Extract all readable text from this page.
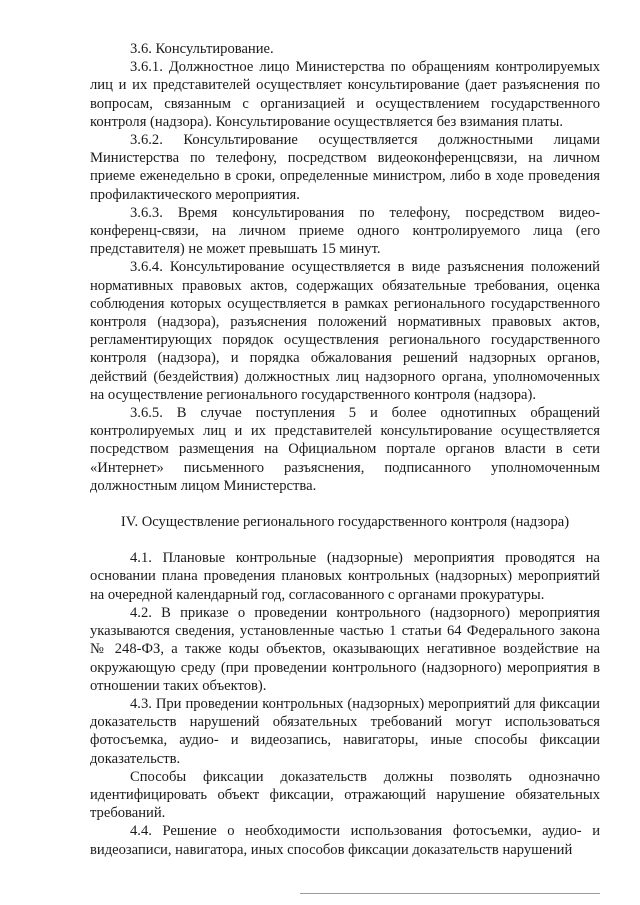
3.6. Консультирование.

3.6.1. Должностное лицо Министерства по обращениям контролируемых лиц и их представителей осуществляет консультирование (дает разъяснения по вопросам, связанным с организацией и осуществлением государственного контроля (надзора). Консультирование осуществляется без взимания платы.

3.6.2. Консультирование осуществляется должностными лицами Министерства по телефону, посредством видеоконференцсвязи, на личном приеме еженедельно в сроки, определенные министром, либо в ходе проведения профилактического мероприятия.

3.6.3. Время консультирования по телефону, посредством видео-конференц-связи, на личном приеме одного контролируемого лица (его представителя) не может превышать 15 минут.

3.6.4. Консультирование осуществляется в виде разъяснения положений нормативных правовых актов, содержащих обязательные требования, оценка соблюдения которых осуществляется в рамках регионального государственного контроля (надзора), разъяснения положений нормативных правовых актов, регламентирующих порядок осуществления регионального государственного контроля (надзора), и порядка обжалования решений надзорных органов, действий (бездействия) должностных лиц надзорного органа, уполномоченных на осуществление регионального государственного контроля (надзора).

3.6.5. В случае поступления 5 и более однотипных обращений контролируемых лиц и их представителей консультирование осуществляется посредством размещения на Официальном портале органов власти в сети «Интернет» письменного разъяснения, подписанного уполномоченным должностным лицом Министерства.

IV. Осуществление регионального государственного контроля (надзора)

4.1. Плановые контрольные (надзорные) мероприятия проводятся на основании плана проведения плановых контрольных (надзорных) мероприятий на очередной календарный год, согласованного с органами прокуратуры.

4.2. В приказе о проведении контрольного (надзорного) мероприятия указываются сведения, установленные частью 1 статьи 64 Федерального закона № 248-ФЗ, а также коды объектов, оказывающих негативное воздействие на окружающую среду (при проведении контрольного (надзорного) мероприятия в отношении таких объектов).

4.3. При проведении контрольных (надзорных) мероприятий для фиксации доказательств нарушений обязательных требований могут использоваться фотосъемка, аудио- и видеозапись, навигаторы, иные способы фиксации доказательств.

Способы фиксации доказательств должны позволять однозначно идентифицировать объект фиксации, отражающий нарушение обязательных требований.

4.4. Решение о необходимости использования фотосъемки, аудио- и видеозаписи, навигатора, иных способов фиксации доказательств нарушений
